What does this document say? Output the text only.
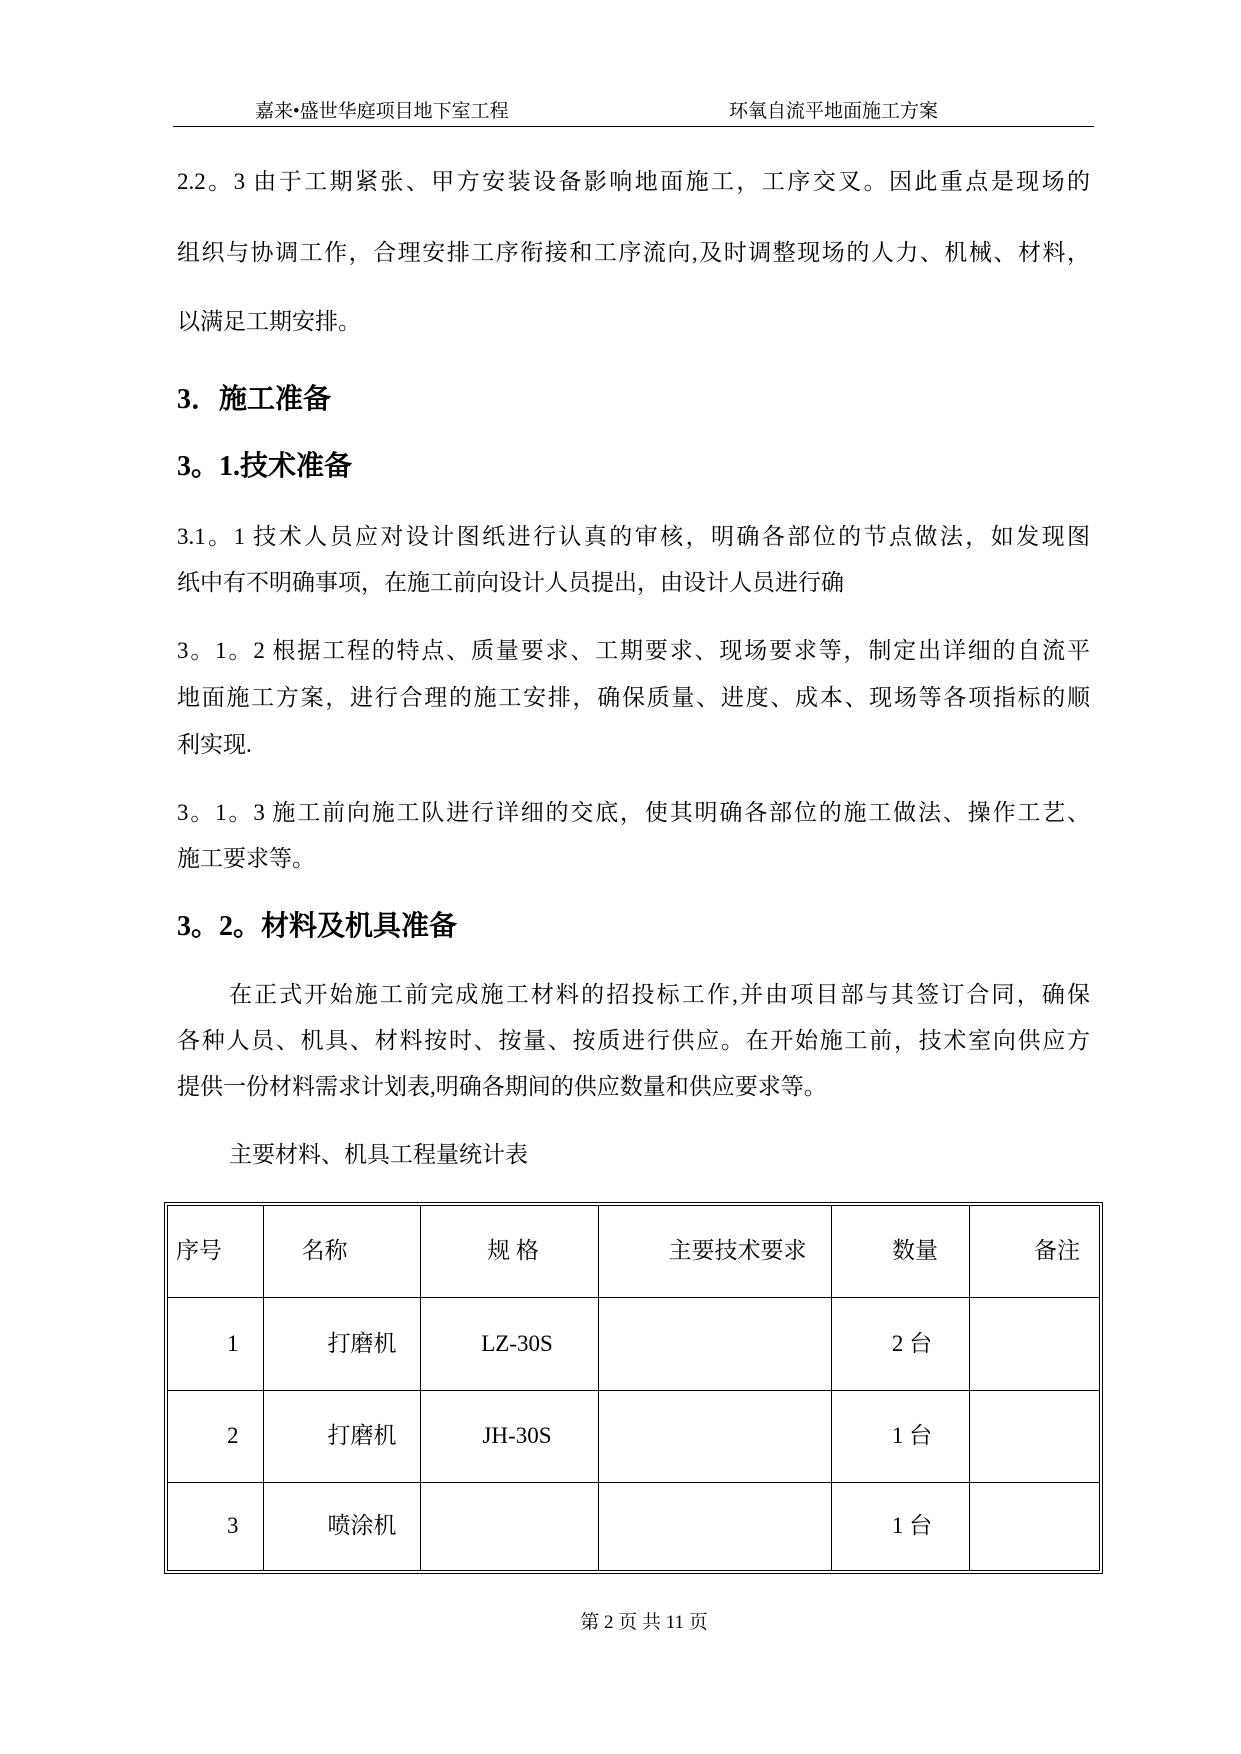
嘉来•盛世华庭项目地下室工程	环氧自流平地面施工方案
2.2。3 由于工期紧张、甲方安装设备影响地面施工，工序交叉。因此重点是现场的
组织与协调工作，合理安排工序衔接和工序流向,及时调整现场的人力、机械、材料，
以满足工期安排。
3．施工准备
3。1.技术准备
3.1。1 技术人员应对设计图纸进行认真的审核，明确各部位的节点做法，如发现图
纸中有不明确事项，在施工前向设计人员提出，由设计人员进行确
3。1。2 根据工程的特点、质量要求、工期要求、现场要求等，制定出详细的自流平
地面施工方案，进行合理的施工安排，确保质量、进度、成本、现场等各项指标的顺
利实现.
3。1。3 施工前向施工队进行详细的交底，使其明确各部位的施工做法、操作工艺、
施工要求等。
3。2。材料及机具准备
在正式开始施工前完成施工材料的招投标工作,并由项目部与其签订合同，确保
各种人员、机具、材料按时、按量、按质进行供应。在开始施工前，技术室向供应方
提供一份材料需求计划表,明确各期间的供应数量和供应要求等。
主要材料、机具工程量统计表
序号	名称	规 格	主要技术要求	数量	备注
1	打磨机	LZ-30S		2 台	
2	打磨机	JH-30S		1 台	
3	喷涂机			1 台	
第 2 页 共 11 页
